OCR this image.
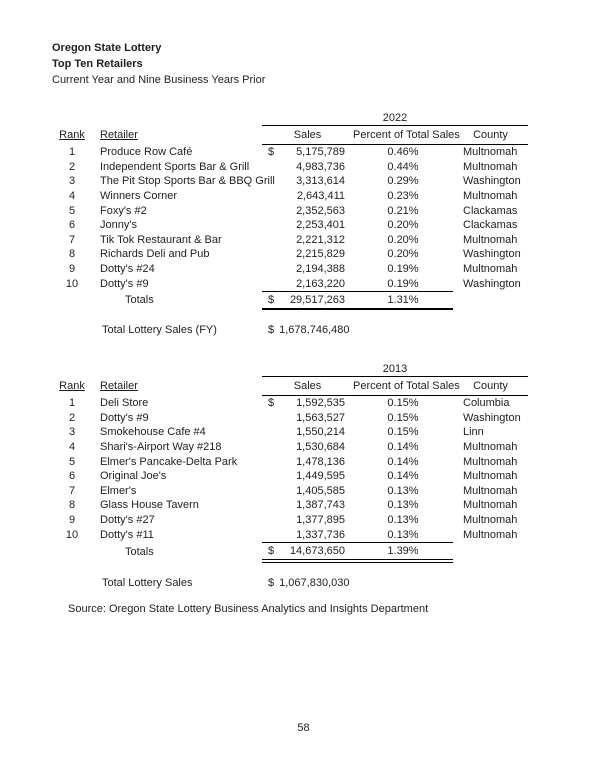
Oregon State Lottery
Top Ten Retailers
Current Year and Nine Business Years Prior
		2022		
Rank	Retailer	Sales	Percent of Total Sales	County
1	Produce Row Café	$ 5,175,789	0.46%	Multnomah
2	Independent Sports Bar & Grill	4,983,736	0.44%	Multnomah
3	The Pit Stop Sports Bar & BBQ Grill	3,313,614	0.29%	Washington
4	Winners Corner	2,643,411	0.23%	Multnomah
5	Foxy's #2	2,352,563	0.21%	Clackamas
6	Jonny's	2,253,401	0.20%	Clackamas
7	Tik Tok Restaurant & Bar	2,221,312	0.20%	Multnomah
8	Richards Deli and Pub	2,215,829	0.20%	Washington
9	Dotty's #24	2,194,388	0.19%	Multnomah
10	Dotty's #9	2,163,220	0.19%	Washington
	Totals	$ 29,517,263	1.31%	
Total Lottery Sales (FY)	$ 1,678,746,480
		2013		
Rank	Retailer	Sales	Percent of Total Sales	County
1	Deli Store	$ 1,592,535	0.15%	Columbia
2	Dotty's #9	1,563,527	0.15%	Washington
3	Smokehouse Cafe #4	1,550,214	0.15%	Linn
4	Shari's-Airport Way #218	1,530,684	0.14%	Multnomah
5	Elmer's Pancake-Delta Park	1,478,136	0.14%	Multnomah
6	Original Joe's	1,449,595	0.14%	Multnomah
7	Elmer's	1,405,585	0.13%	Multnomah
8	Glass House Tavern	1,387,743	0.13%	Multnomah
9	Dotty's #27	1,377,895	0.13%	Multnomah
10	Dotty's #11	1,337,736	0.13%	Multnomah
	Totals	$ 14,673,650	1.39%	
Total Lottery Sales	$ 1,067,830,030
Source: Oregon State Lottery Business Analytics and Insights Department
58
